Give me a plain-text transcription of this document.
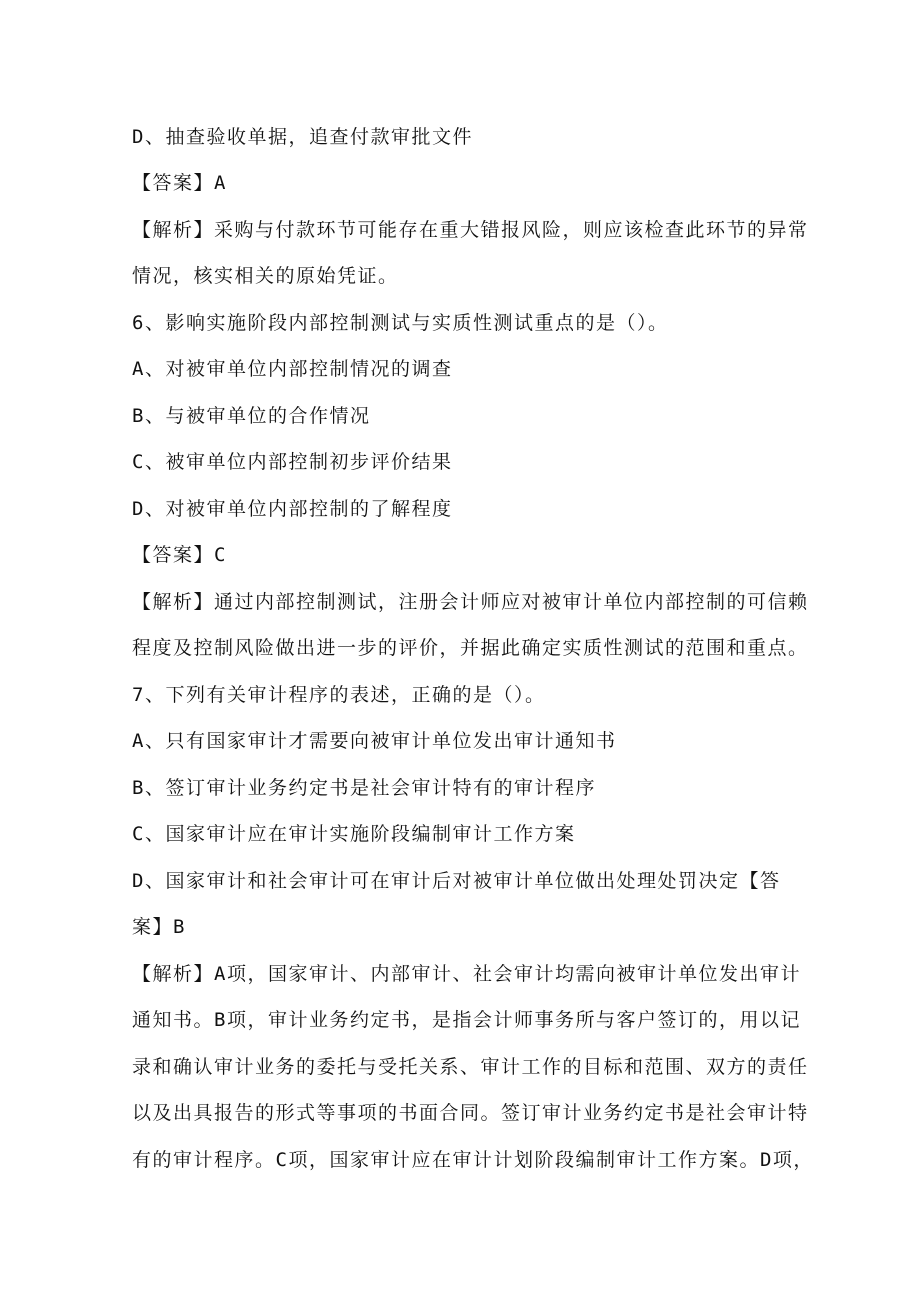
D、抽查验收单据，追查付款审批文件
【答案】A
【解析】采购与付款环节可能存在重大错报风险，则应该检查此环节的异常
情况，核实相关的原始凭证。
6、影响实施阶段内部控制测试与实质性测试重点的是（）。
A、对被审单位内部控制情况的调查
B、与被审单位的合作情况
C、被审单位内部控制初步评价结果
D、对被审单位内部控制的了解程度
【答案】C
【解析】通过内部控制测试，注册会计师应对被审计单位内部控制的可信赖
程度及控制风险做出进一步的评价，并据此确定实质性测试的范围和重点。
7、下列有关审计程序的表述，正确的是（）。
A、只有国家审计才需要向被审计单位发出审计通知书
B、签订审计业务约定书是社会审计特有的审计程序
C、国家审计应在审计实施阶段编制审计工作方案
D、国家审计和社会审计可在审计后对被审计单位做出处理处罚决定【答
案】B
【解析】A项，国家审计、内部审计、社会审计均需向被审计单位发出审计
通知书。B项，审计业务约定书，是指会计师事务所与客户签订的，用以记
录和确认审计业务的委托与受托关系、审计工作的目标和范围、双方的责任
以及出具报告的形式等事项的书面合同。签订审计业务约定书是社会审计特
有的审计程序。C项，国家审计应在审计计划阶段编制审计工作方案。D项，
